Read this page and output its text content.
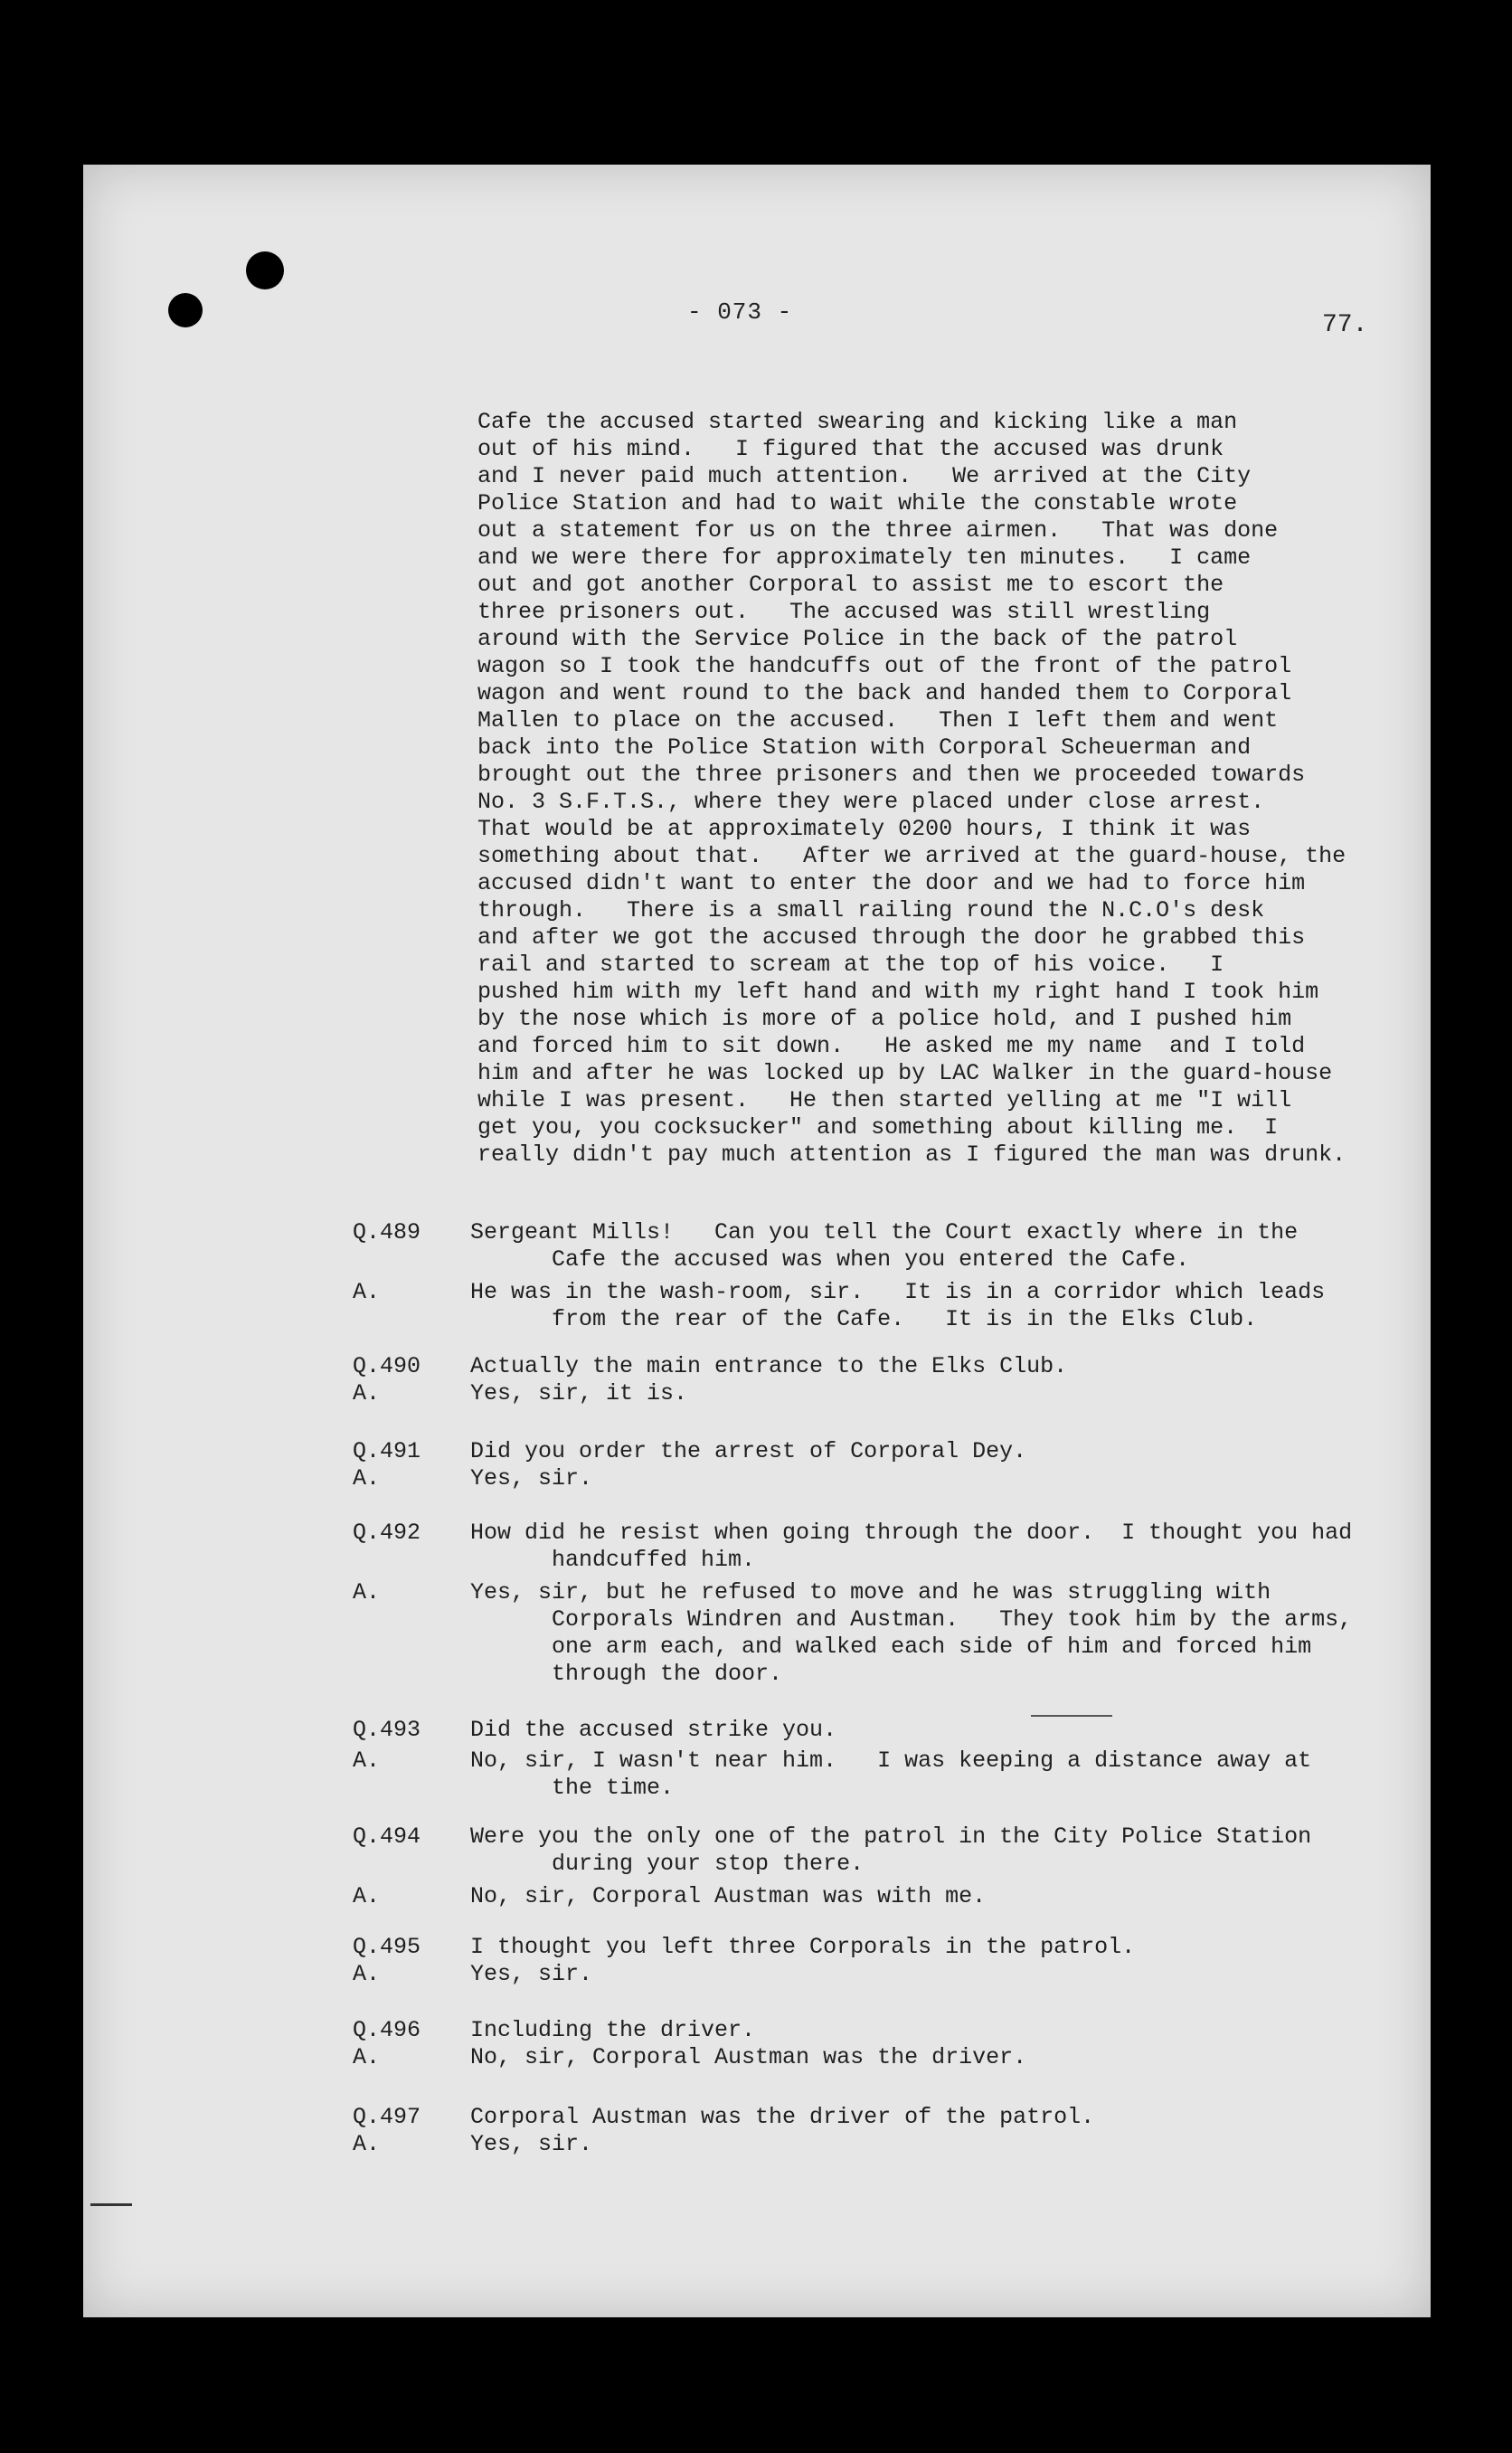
- 073 -	77.
Cafe the accused started swearing and kicking like a man
out of his mind.   I figured that the accused was drunk
and I never paid much attention.   We arrived at the City
Police Station and had to wait while the constable wrote
out a statement for us on the three airmen.   That was done
and we were there for approximately ten minutes.   I came
out and got another Corporal to assist me to escort the
three prisoners out.   The accused was still wrestling
around with the Service Police in the back of the patrol
wagon so I took the handcuffs out of the front of the patrol
wagon and went round to the back and handed them to Corporal
Mallen to place on the accused.   Then I left them and went
back into the Police Station with Corporal Scheuerman and
brought out the three prisoners and then we proceeded towards
No. 3 S.F.T.S., where they were placed under close arrest.
That would be at approximately 0200 hours, I think it was
something about that.   After we arrived at the guard-house, the
accused didn't want to enter the door and we had to force him
through.   There is a small railing round the N.C.O's desk
and after we got the accused through the door he grabbed this
rail and started to scream at the top of his voice.   I
pushed him with my left hand and with my right hand I took him
by the nose which is more of a police hold, and I pushed him
and forced him to sit down.   He asked me my name  and I told
him and after he was locked up by LAC Walker in the guard-house
while I was present.   He then started yelling at me "I will
get you, you cocksucker" and something about killing me.  I
really didn't pay much attention as I figured the man was drunk.
Q.489	Sergeant Mills!   Can you tell the Court exactly where in the
Cafe the accused was when you entered the Cafe.
A.	He was in the wash-room, sir.   It is in a corridor which leads
from the rear of the Cafe.   It is in the Elks Club.
Q.490	Actually the main entrance to the Elks Club.
A.	Yes, sir, it is.
Q.491	Did you order the arrest of Corporal Dey.
A.	Yes, sir.
Q.492	How did he resist when going through the door.  I thought you had
handcuffed him.
A.	Yes, sir, but he refused to move and he was struggling with
Corporals Windren and Austman.   They took him by the arms,
one arm each, and walked each side of him and forced him
through the door.
Q.493	Did the accused strike you.
A.	No, sir, I wasn't near him.   I was keeping a distance away at
the time.
Q.494	Were you the only one of the patrol in the City Police Station
during your stop there.
A.	No, sir, Corporal Austman was with me.
Q.495	I thought you left three Corporals in the patrol.
A.	Yes, sir.
Q.496	Including the driver.
A.	No, sir, Corporal Austman was the driver.
Q.497	Corporal Austman was the driver of the patrol.
A.	Yes, sir.
